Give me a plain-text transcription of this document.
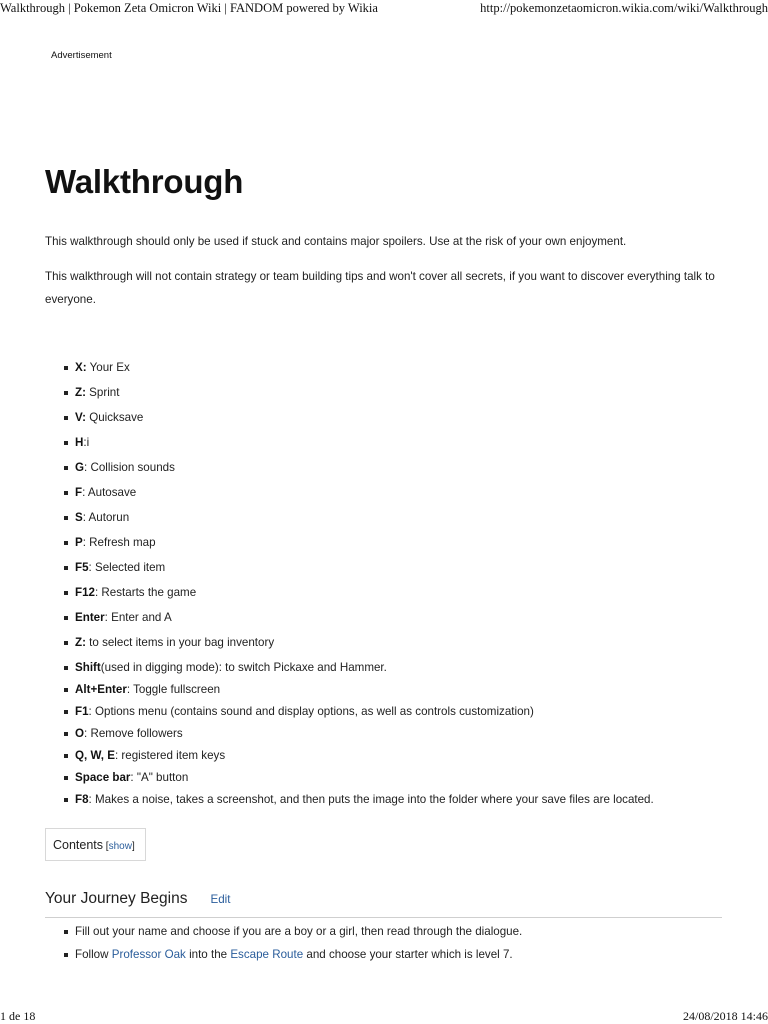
Walkthrough | Pokemon Zeta Omicron Wiki | FANDOM powered by Wikia	http://pokemonzetaomicron.wikia.com/wiki/Walkthrough
Advertisement
Walkthrough

This walkthrough should only be used if stuck and contains major spoilers. Use at the risk of your own enjoyment.

This walkthrough will not contain strategy or team building tips and won't cover all secrets, if you want to discover everything talk to everyone.

X: Your Ex
Z: Sprint
V: Quicksave
H:i
G: Collision sounds
F: Autosave
S: Autorun
P: Refresh map
F5: Selected item
F12: Restarts the game
Enter: Enter and A
Z: to select items in your bag inventory
Shift(used in digging mode): to switch Pickaxe and Hammer.
Alt+Enter: Toggle fullscreen
F1: Options menu (contains sound and display options, as well as controls customization)
O: Remove followers
Q, W, E: registered item keys
Space bar: "A" button
F8: Makes a noise, takes a screenshot, and then puts the image into the folder where your save files are located.
Contents [show]
Your Journey Begins Edit
Fill out your name and choose if you are a boy or a girl, then read through the dialogue.
Follow Professor Oak into the Escape Route and choose your starter which is level 7.
1 de 18	24/08/2018 14:46
